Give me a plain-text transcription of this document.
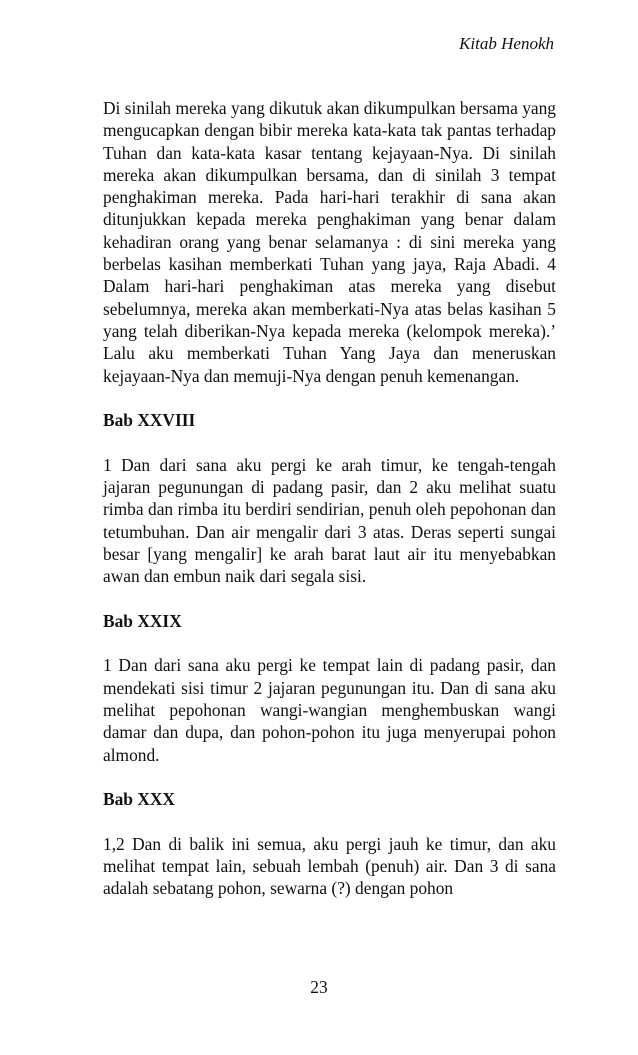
Kitab Henokh

Di sinilah mereka yang dikutuk akan dikumpulkan bersama yang mengucapkan dengan bibir mereka kata-kata tak pantas terhadap Tuhan dan kata-kata kasar tentang kejayaan-Nya. Di sinilah mereka akan dikumpulkan bersama, dan di sinilah 3 tempat penghakiman mereka. Pada hari-hari terakhir di sana akan ditunjukkan kepada mereka penghakiman yang benar dalam kehadiran orang yang benar selamanya : di sini mereka yang berbelas kasihan memberkati Tuhan yang jaya, Raja Abadi. 4 Dalam hari-hari penghakiman atas mereka yang disebut sebelumnya, mereka akan memberkati-Nya atas belas kasihan 5 yang telah diberikan-Nya kepada mereka (kelompok mereka).’ Lalu aku memberkati Tuhan Yang Jaya dan meneruskan kejayaan-Nya dan memuji-Nya dengan penuh kemenangan.

Bab XXVIII

1 Dan dari sana aku pergi ke arah timur, ke tengah-tengah jajaran pegunungan di padang pasir, dan 2 aku melihat suatu rimba dan rimba itu berdiri sendirian, penuh oleh pepohonan dan tetumbuhan. Dan air mengalir dari 3 atas. Deras seperti sungai besar [yang mengalir] ke arah barat laut air itu menyebabkan awan dan embun naik dari segala sisi.

Bab XXIX

1 Dan dari sana aku pergi ke tempat lain di padang pasir, dan mendekati sisi timur 2 jajaran pegunungan itu. Dan di sana aku melihat pepohonan wangi-wangian menghembuskan wangi damar dan dupa, dan pohon-pohon itu juga menyerupai pohon almond.

Bab XXX

1,2 Dan di balik ini semua, aku pergi jauh ke timur, dan aku melihat tempat lain, sebuah lembah (penuh) air. Dan 3 di sana adalah sebatang pohon, sewarna (?) dengan pohon

23
